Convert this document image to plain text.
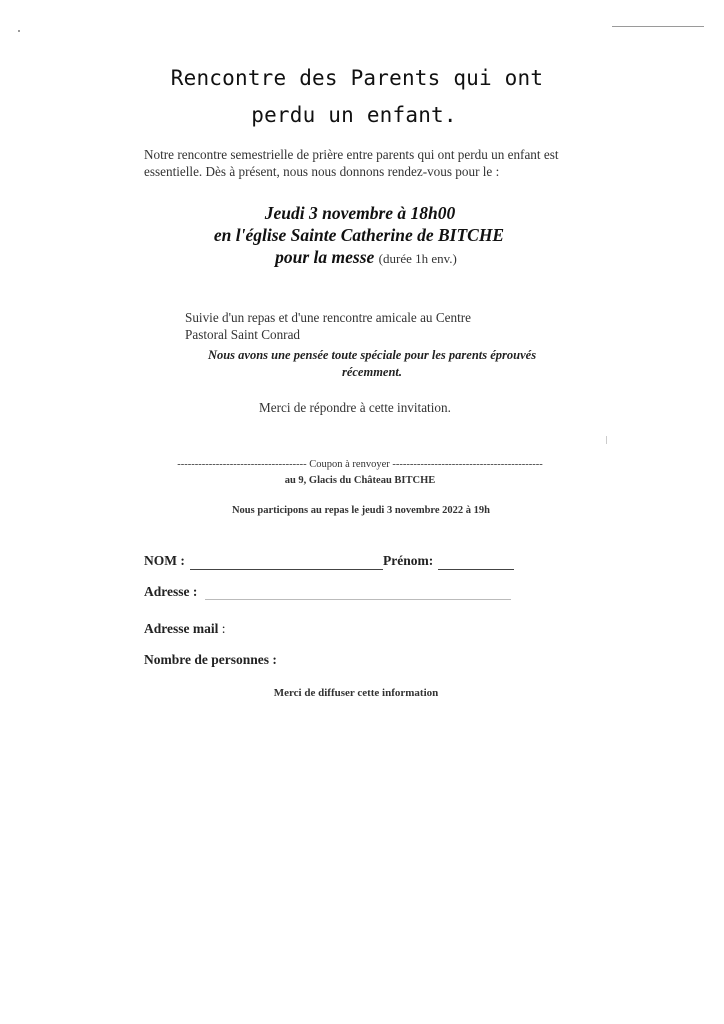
Rencontre des Parents qui ont
perdu un enfant.
Notre rencontre semestrielle de prière entre parents qui ont perdu un enfant est
essentielle. Dès à présent, nous nous donnons rendez-vous pour le :
Jeudi 3 novembre à 18h00
en l'église Sainte Catherine de BITCHE
pour la messe (durée 1h env.)
Suivie d'un repas et d'une rencontre amicale au Centre
Pastoral Saint Conrad
Nous avons une pensée toute spéciale pour les parents éprouvés
récemment.
Merci de répondre à cette invitation.
------------------------------------- Coupon à renvoyer -------------------------------------------
au 9, Glacis du Château BITCHE
Nous participons au repas le jeudi 3 novembre 2022 à 19h
NOM :	Prénom:
Adresse :
Adresse mail :
Nombre de personnes :
Merci de diffuser cette information
